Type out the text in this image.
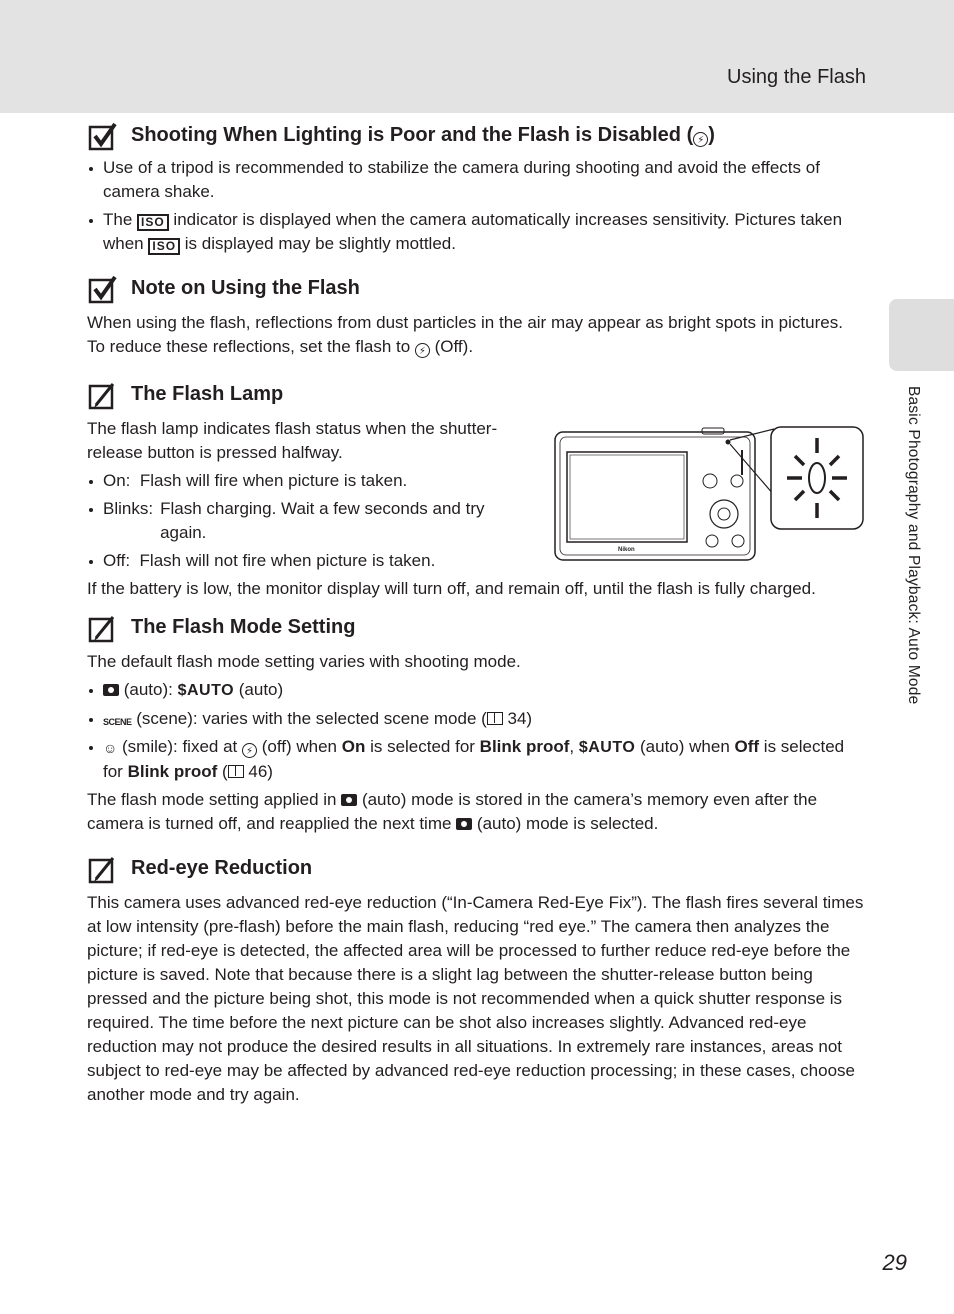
Using the Flash
Basic Photography and Playback: Auto Mode
Shooting When Lighting is Poor and the Flash is Disabled ( ⚡ )
Use of a tripod is recommended to stabilize the camera during shooting and avoid the effects of camera shake.
The ISO indicator is displayed when the camera automatically increases sensitivity. Pictures taken when ISO is displayed may be slightly mottled.
Note on Using the Flash

When using the flash, reflections from dust particles in the air may appear as bright spots in pictures. To reduce these reflections, set the flash to ⚡ (Off).

The Flash Lamp

The flash lamp indicates flash status when the shutter-release button is pressed halfway.

On: Flash will fire when picture is taken.
Blinks: Flash charging. Wait a few seconds and try again.
Off: Flash will not fire when picture is taken.

If the battery is low, the monitor display will turn off, and remain off, until the flash is fully charged.

Nikon
The Flash Mode Setting

The default flash mode setting varies with shooting mode.

(auto): $AUTO (auto)
SCENE (scene): varies with the selected scene mode ( 34)
☺ (smile): fixed at ⚡ (off) when On is selected for Blink proof, $AUTO (auto) when Off is selected for Blink proof ( 46)

The flash mode setting applied in  (auto) mode is stored in the camera’s memory even after the camera is turned off, and reapplied the next time  (auto) mode is selected.

Red-eye Reduction

This camera uses advanced red-eye reduction (“In-Camera Red-Eye Fix”). The flash fires several times at low intensity (pre-flash) before the main flash, reducing “red eye.” The camera then analyzes the picture; if red-eye is detected, the affected area will be processed to further reduce red-eye before the picture is saved. Note that because there is a slight lag between the shutter-release button being pressed and the picture being shot, this mode is not recommended when a quick shutter response is required. The time before the next picture can be shot also increases slightly. Advanced red-eye reduction may not produce the desired results in all situations. In extremely rare instances, areas not subject to red-eye may be affected by advanced red-eye reduction processing; in these cases, choose another mode and try again.

29
